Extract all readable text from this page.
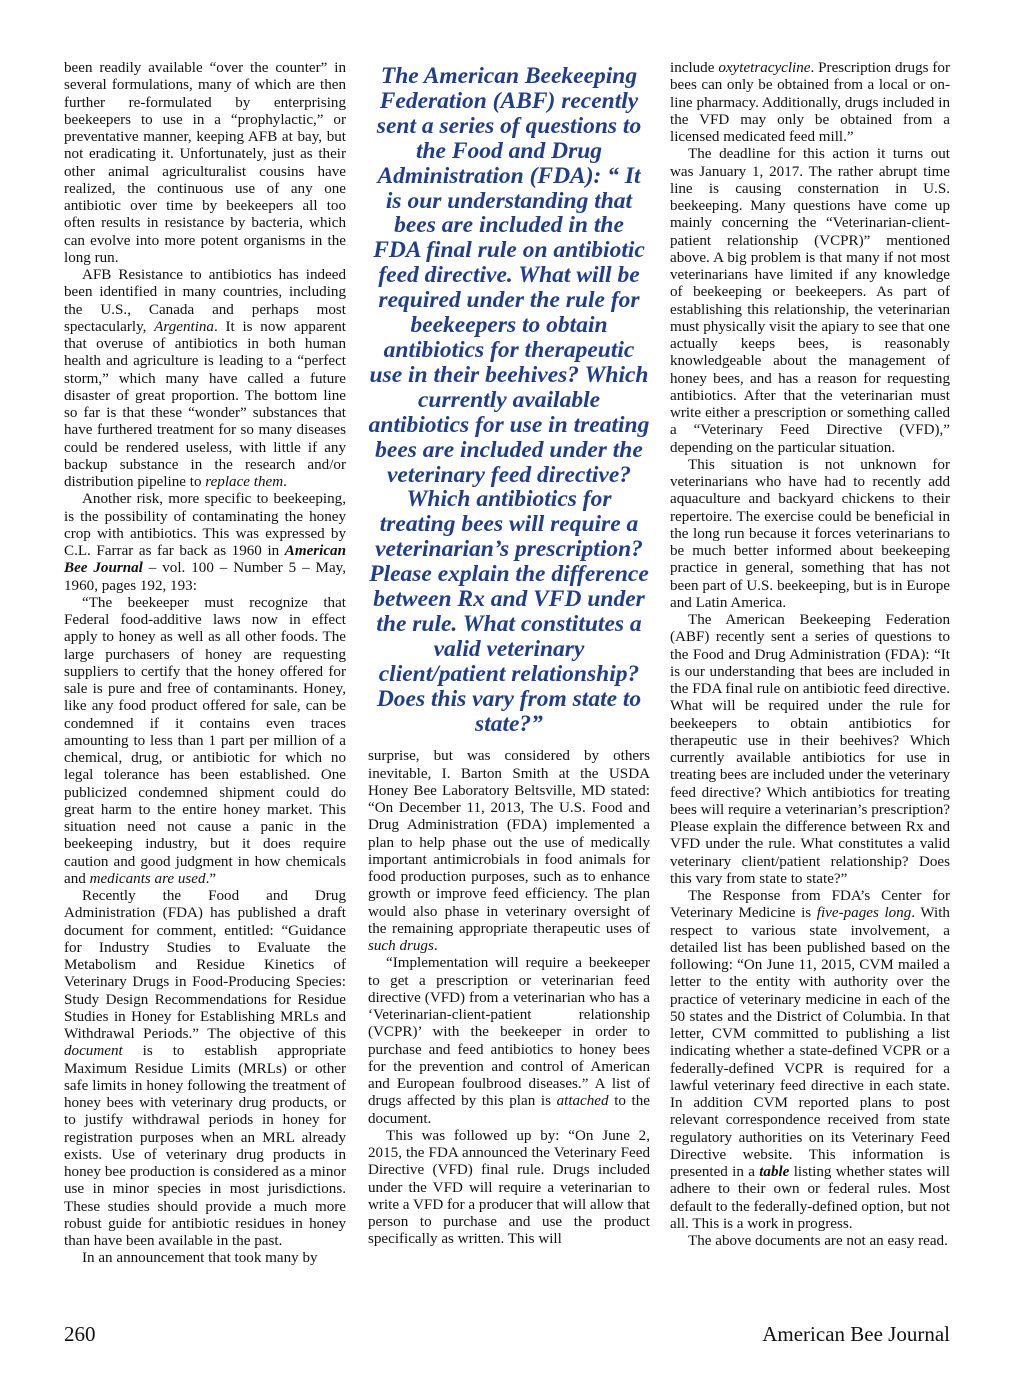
been readily available “over the counter” in several formulations, many of which are then further re-formulated by enterprising beekeepers to use in a “prophylactic,” or preventative manner, keeping AFB at bay, but not eradicating it. Unfortunately, just as their other animal agriculturalist cousins have realized, the continuous use of any one antibiotic over time by beekeepers all too often results in resistance by bacteria, which can evolve into more potent organisms in the long run.

AFB Resistance to antibiotics has indeed been identified in many countries, including the U.S., Canada and perhaps most spectacularly, Argentina. It is now apparent that overuse of antibiotics in both human health and agriculture is leading to a “perfect storm,” which many have called a future disaster of great proportion. The bottom line so far is that these “wonder” substances that have furthered treatment for so many diseases could be rendered useless, with little if any backup substance in the research and/or distribution pipeline to replace them.

Another risk, more specific to beekeeping, is the possibility of contaminating the honey crop with antibiotics. This was expressed by C.L. Farrar as far back as 1960 in American Bee Journal – vol. 100 – Number 5 – May, 1960, pages 192, 193:

“The beekeeper must recognize that Federal food-additive laws now in effect apply to honey as well as all other foods. The large purchasers of honey are requesting suppliers to certify that the honey offered for sale is pure and free of contaminants. Honey, like any food product offered for sale, can be condemned if it contains even traces amounting to less than 1 part per million of a chemical, drug, or antibiotic for which no legal tolerance has been established. One publicized condemned shipment could do great harm to the entire honey market. This situation need not cause a panic in the beekeeping industry, but it does require caution and good judgment in how chemicals and medicants are used.”

Recently the Food and Drug Administration (FDA) has published a draft document for comment, entitled: “Guidance for Industry Studies to Evaluate the Metabolism and Residue Kinetics of Veterinary Drugs in Food-Producing Species: Study Design Recommendations for Residue Studies in Honey for Establishing MRLs and Withdrawal Periods.” The objective of this document is to establish appropriate Maximum Residue Limits (MRLs) or other safe limits in honey following the treatment of honey bees with veterinary drug products, or to justify withdrawal periods in honey for registration purposes when an MRL already exists. Use of veterinary drug products in honey bee production is considered as a minor use in minor species in most jurisdictions. These studies should provide a much more robust guide for antibiotic residues in honey than have been available in the past.

In an announcement that took many by

The American Beekeeping Federation (ABF) recently sent a series of questions to the Food and Drug Administration (FDA): “ It is our understanding that bees are included in the FDA final rule on antibiotic feed directive. What will be required under the rule for beekeepers to obtain antibiotics for therapeutic use in their beehives? Which currently available antibiotics for use in treating bees are included under the veterinary feed directive? Which antibiotics for treating bees will require a veterinarian’s prescription? Please explain the difference between Rx and VFD under the rule. What constitutes a valid veterinary client/patient relationship? Does this vary from state to state?”

surprise, but was considered by others inevitable, I. Barton Smith at the USDA Honey Bee Laboratory Beltsville, MD stated: “On December 11, 2013, The U.S. Food and Drug Administration (FDA) implemented a plan to help phase out the use of medically important antimicrobials in food animals for food production purposes, such as to enhance growth or improve feed efficiency. The plan would also phase in veterinary oversight of the remaining appropriate therapeutic uses of such drugs.

“Implementation will require a beekeeper to get a prescription or veterinarian feed directive (VFD) from a veterinarian who has a ‘Veterinarian-client-patient relationship (VCPR)’ with the beekeeper in order to purchase and feed antibiotics to honey bees for the prevention and control of American and European foulbrood diseases.” A list of drugs affected by this plan is attached to the document.

This was followed up by: “On June 2, 2015, the FDA announced the Veterinary Feed Directive (VFD) final rule. Drugs included under the VFD will require a veterinarian to write a VFD for a producer that will allow that person to purchase and use the product specifically as written. This will

include oxytetracycline. Prescription drugs for bees can only be obtained from a local or on-line pharmacy. Additionally, drugs included in the VFD may only be obtained from a licensed medicated feed mill.”

The deadline for this action it turns out was January 1, 2017. The rather abrupt time line is causing consternation in U.S. beekeeping. Many questions have come up mainly concerning the “Veterinarian-client-patient relationship (VCPR)” mentioned above. A big problem is that many if not most veterinarians have limited if any knowledge of beekeeping or beekeepers. As part of establishing this relationship, the veterinarian must physically visit the apiary to see that one actually keeps bees, is reasonably knowledgeable about the management of honey bees, and has a reason for requesting antibiotics. After that the veterinarian must write either a prescription or something called a “Veterinary Feed Directive (VFD),” depending on the particular situation.

This situation is not unknown for veterinarians who have had to recently add aquaculture and backyard chickens to their repertoire. The exercise could be beneficial in the long run because it forces veterinarians to be much better informed about beekeeping practice in general, something that has not been part of U.S. beekeeping, but is in Europe and Latin America.

The American Beekeeping Federation (ABF) recently sent a series of questions to the Food and Drug Administration (FDA): “It is our understanding that bees are included in the FDA final rule on antibiotic feed directive. What will be required under the rule for beekeepers to obtain antibiotics for therapeutic use in their beehives? Which currently available antibiotics for use in treating bees are included under the veterinary feed directive? Which antibiotics for treating bees will require a veterinarian’s prescription? Please explain the difference between Rx and VFD under the rule. What constitutes a valid veterinary client/patient relationship? Does this vary from state to state?”

The Response from FDA’s Center for Veterinary Medicine is five-pages long. With respect to various state involvement, a detailed list has been published based on the following: “On June 11, 2015, CVM mailed a letter to the entity with authority over the practice of veterinary medicine in each of the 50 states and the District of Columbia. In that letter, CVM committed to publishing a list indicating whether a state-defined VCPR or a federally-defined VCPR is required for a lawful veterinary feed directive in each state. In addition CVM reported plans to post relevant correspondence received from state regulatory authorities on its Veterinary Feed Directive website. This information is presented in a table listing whether states will adhere to their own or federal rules. Most default to the federally-defined option, but not all. This is a work in progress.

The above documents are not an easy read.

260	American Bee Journal
